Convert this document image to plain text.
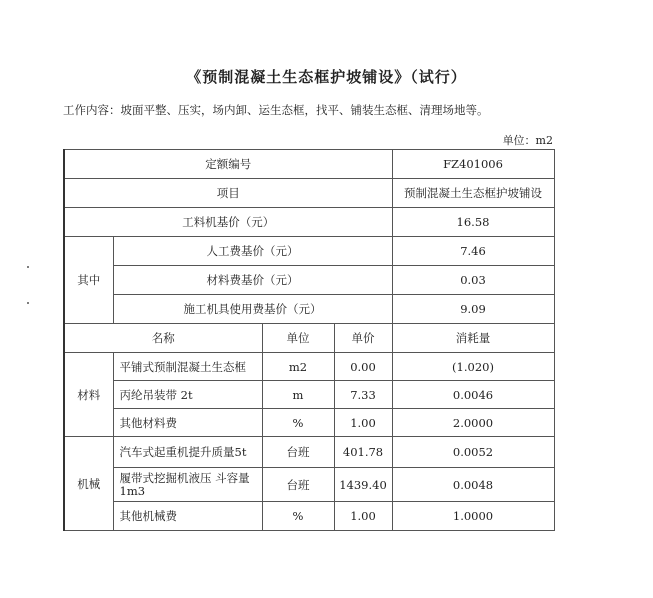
《预制混凝土生态框护坡铺设》（试行）
工作内容：坡面平整、压实，场内卸、运生态框，找平、铺装生态框、清理场地等。
单位：m2
定额编号				FZ401006
项目				预制混凝土生态框护坡铺设
工料机基价（元）				16.58
其中	人工费基价（元）			7.46
	材料费基价（元）			0.03
	施工机具使用费基价（元）			9.09
名称		单位	单价	消耗量
材料	平铺式预制混凝土生态框	m2	0.00	(1.020)
	丙纶吊装带 2t	m	7.33	0.0046
	其他材料费	%	1.00	2.0000
机械	汽车式起重机提升质量5t	台班	401.78	0.0052
	履带式挖掘机液压 斗容量1m3	台班	1439.40	0.0048
	其他机械费	%	1.00	1.0000
